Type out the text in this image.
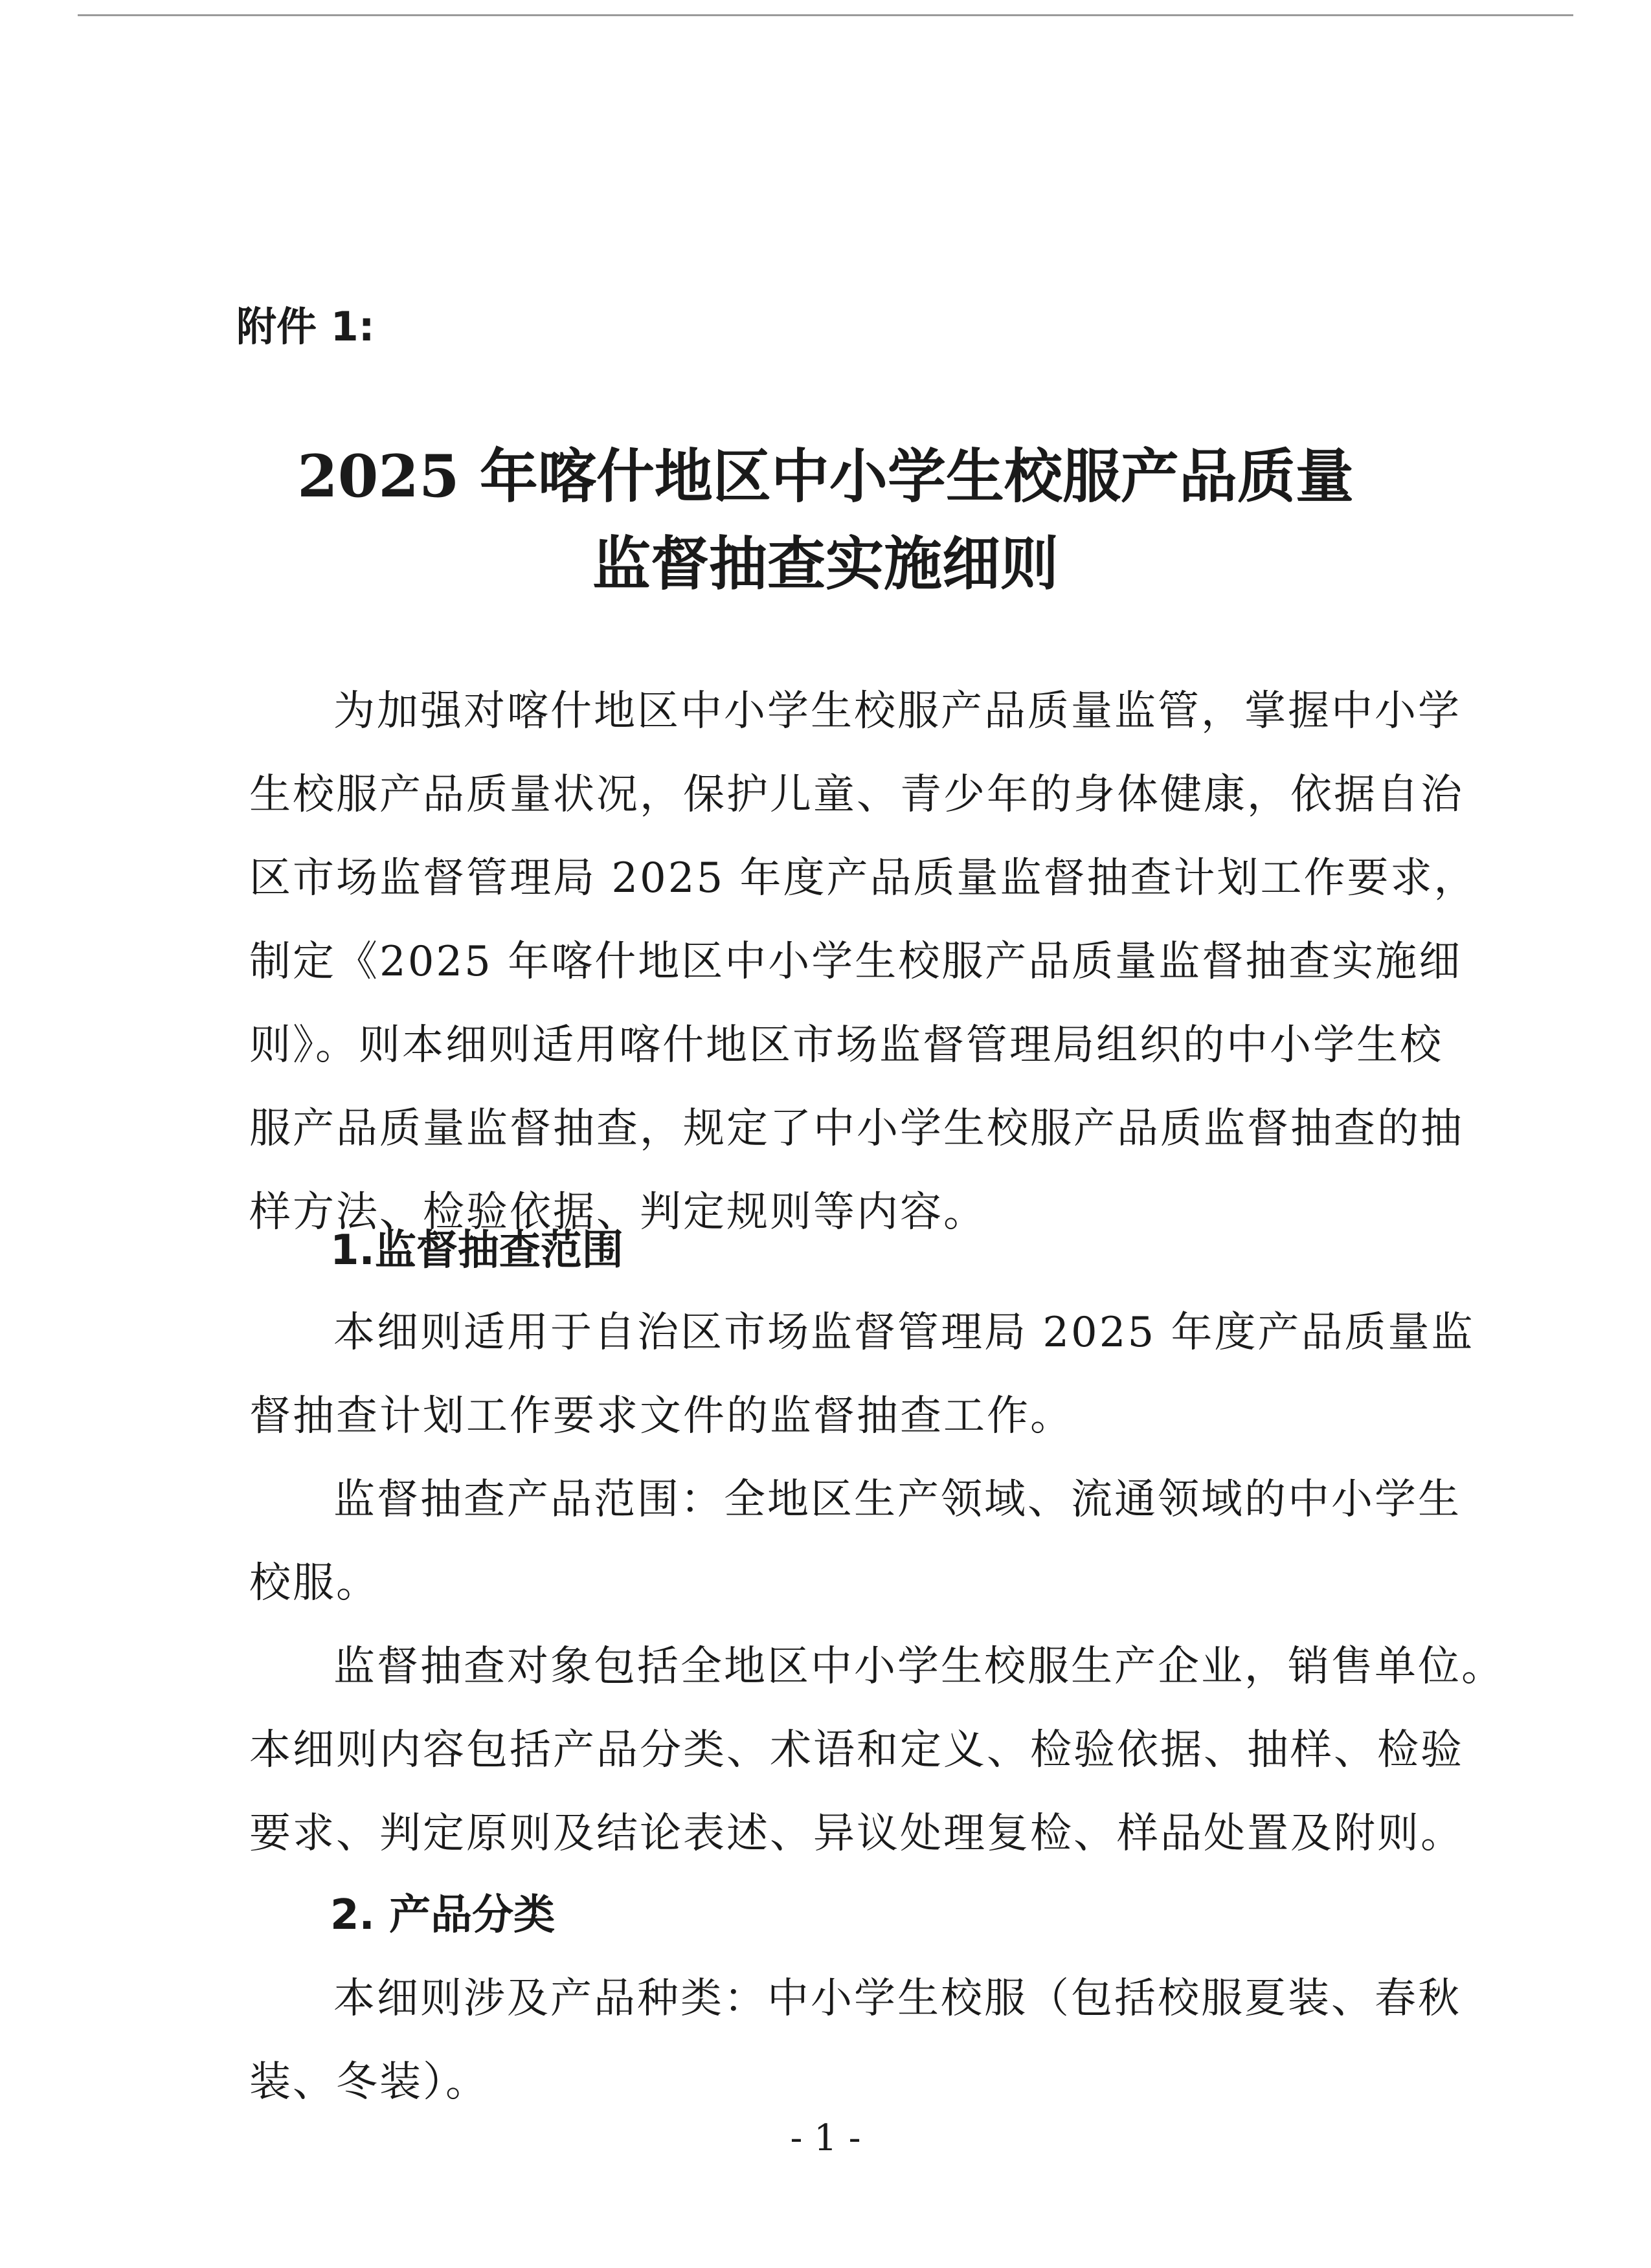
附件 1:
2025 年喀什地区中小学生校服产品质量
监督抽查实施细则
为加强对喀什地区中小学生校服产品质量监管，掌握中小学
生校服产品质量状况，保护儿童、青少年的身体健康，依据自治
区市场监督管理局 2025 年度产品质量监督抽查计划工作要求，
制定《2025 年喀什地区中小学生校服产品质量监督抽查实施细
则》。则本细则适用喀什地区市场监督管理局组织的中小学生校
服产品质量监督抽查，规定了中小学生校服产品质监督抽查的抽
样方法、检验依据、判定规则等内容。
1.监督抽查范围
本细则适用于自治区市场监督管理局 2025 年度产品质量监
督抽查计划工作要求文件的监督抽查工作。
监督抽查产品范围：全地区生产领域、流通领域的中小学生
校服。
监督抽查对象包括全地区中小学生校服生产企业，销售单位。
本细则内容包括产品分类、术语和定义、检验依据、抽样、检验
要求、判定原则及结论表述、异议处理复检、样品处置及附则。
2. 产品分类
本细则涉及产品种类：中小学生校服（包括校服夏装、春秋
装、冬装）。
- 1 -
